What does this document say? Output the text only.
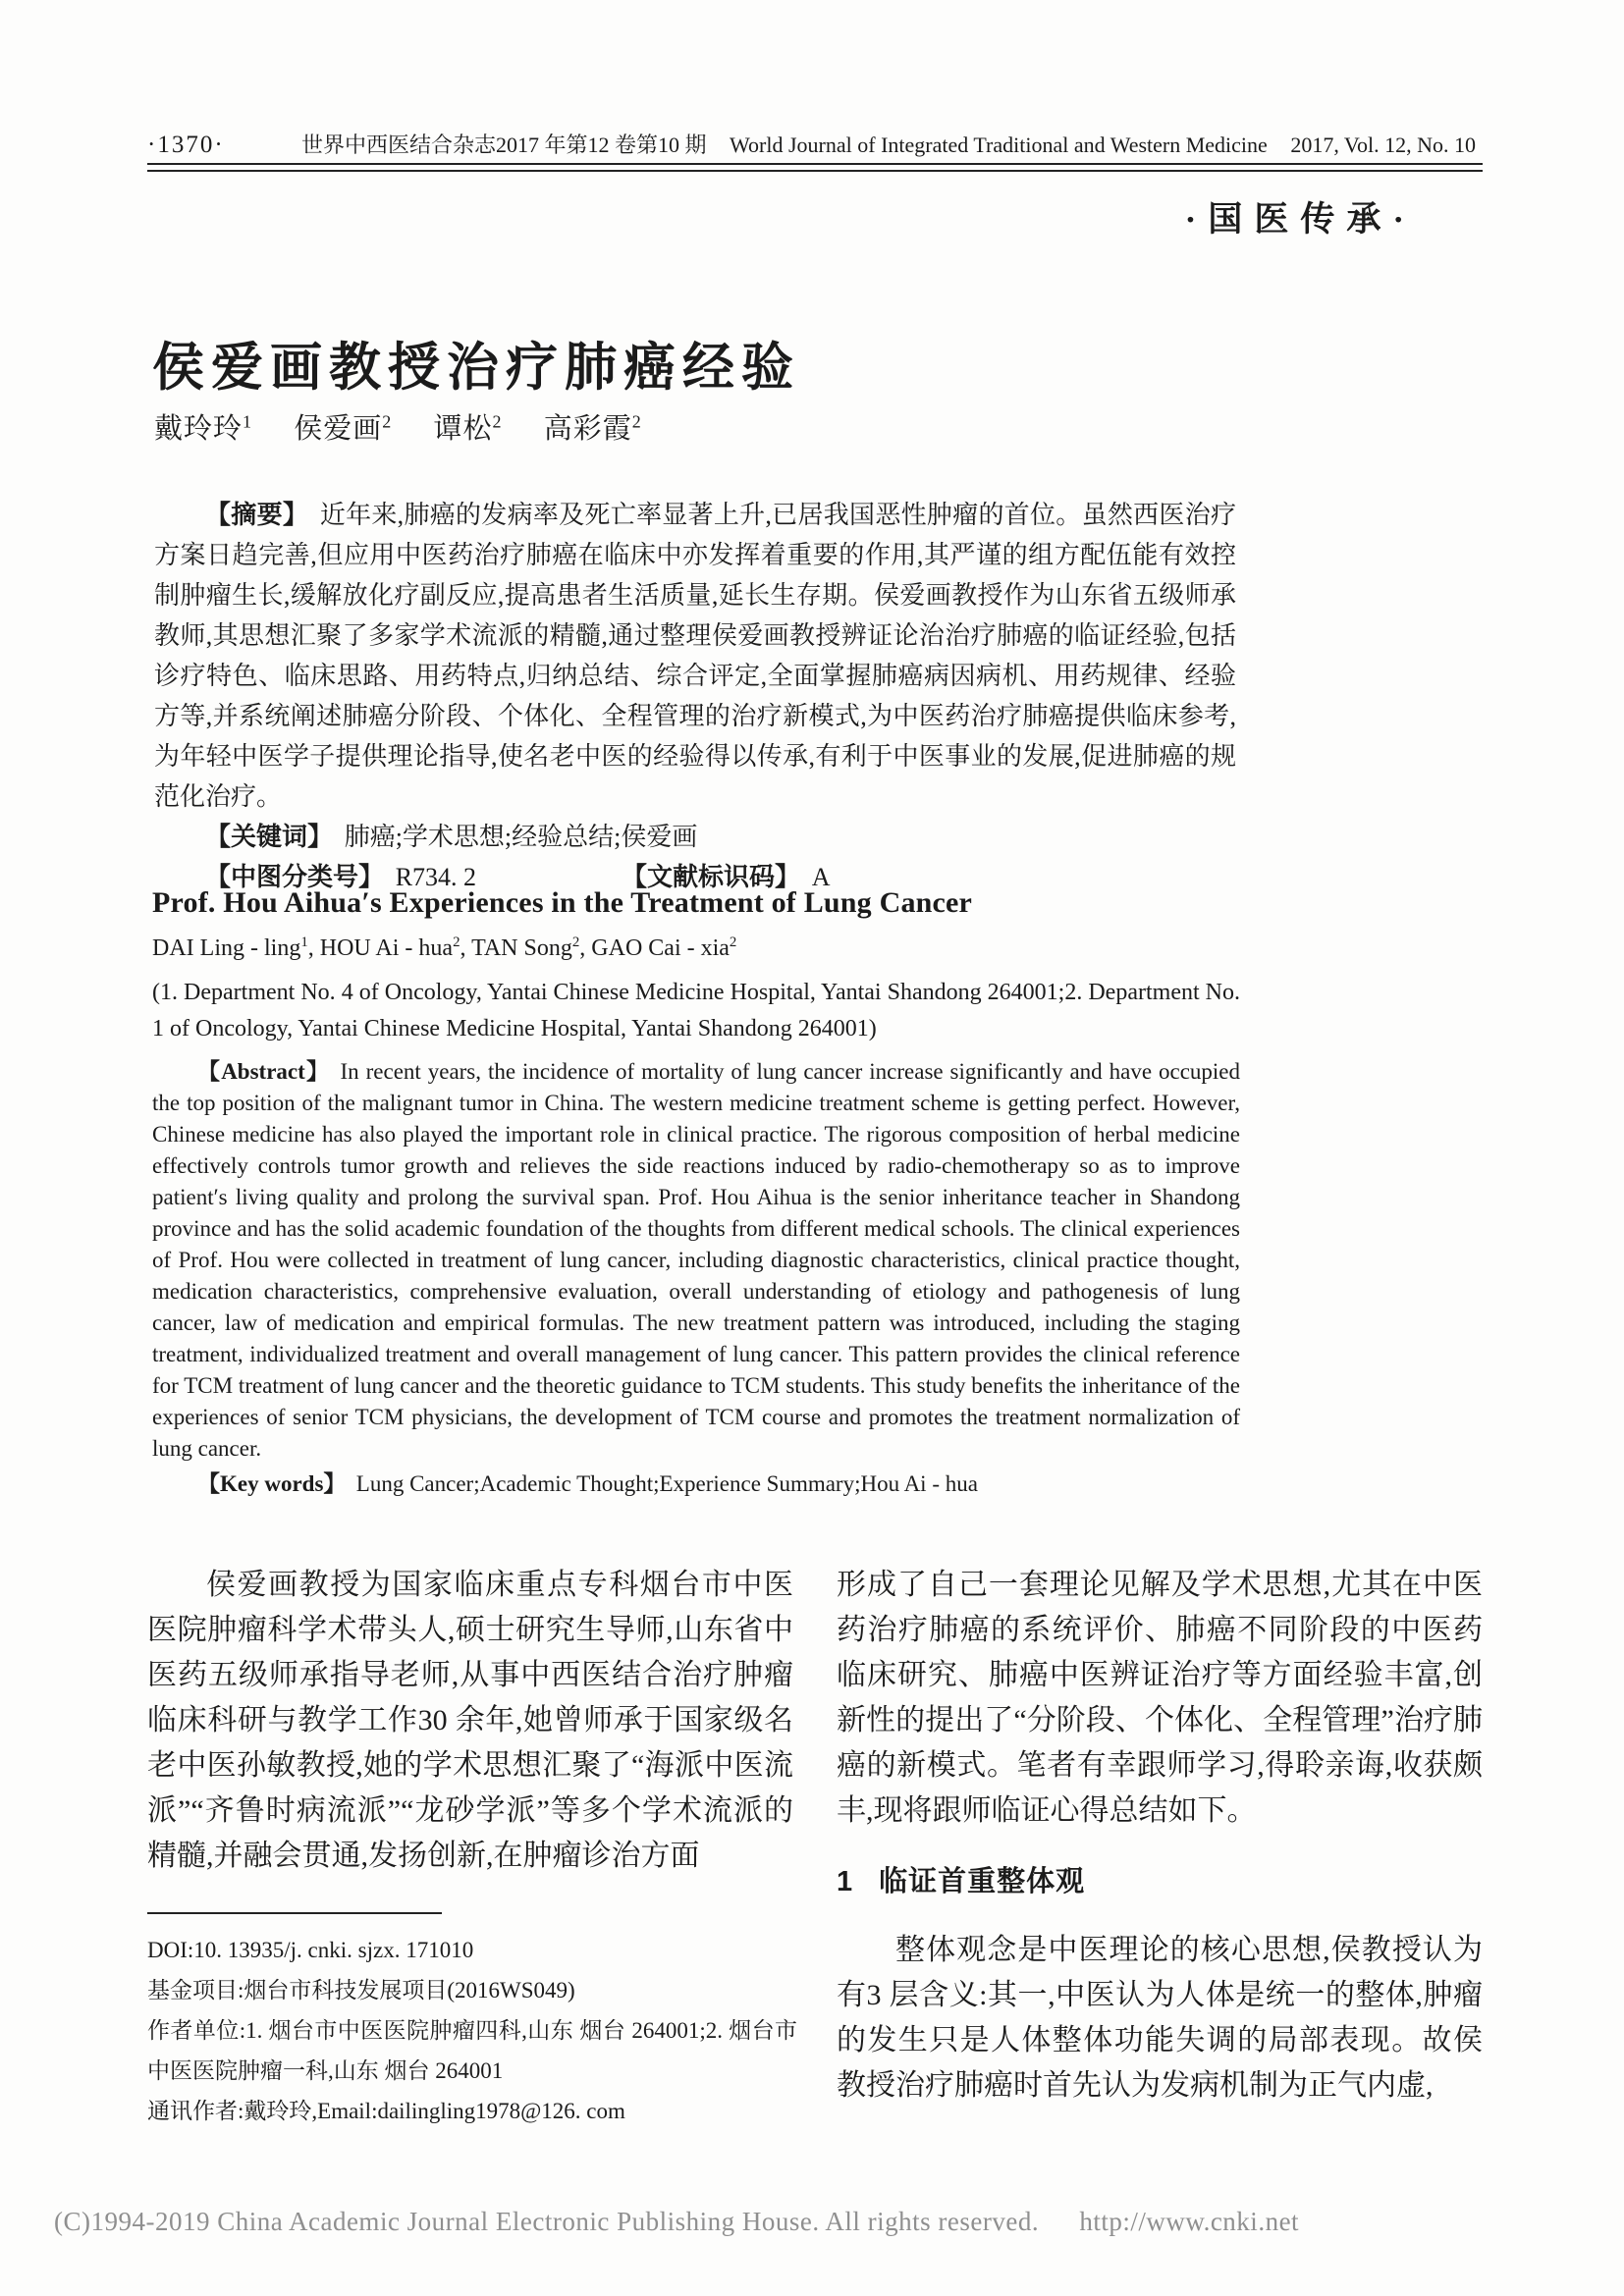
·1370·	世界中西医结合杂志2017 年第12 卷第10 期 World Journal of Integrated Traditional and Western Medicine 2017, Vol. 12, No. 10
·国医传承·
侯爱画教授治疗肺癌经验
戴玲玲$^1$ 侯爱画$^2$ 谭松$^2$ 高彩霞$^2$

【摘要】 近年来,肺癌的发病率及死亡率显著上升,已居我国恶性肿瘤的首位。虽然西医治疗方案日趋完善,但应用中医药治疗肺癌在临床中亦发挥着重要的作用,其严谨的组方配伍能有效控制肿瘤生长,缓解放化疗副反应,提高患者生活质量,延长生存期。侯爱画教授作为山东省五级师承教师,其思想汇聚了多家学术流派的精髓,通过整理侯爱画教授辨证论治治疗肺癌的临证经验,包括诊疗特色、临床思路、用药特点,归纳总结、综合评定,全面掌握肺癌病因病机、用药规律、经验方等,并系统阐述肺癌分阶段、个体化、全程管理的治疗新模式,为中医药治疗肺癌提供临床参考,为年轻中医学子提供理论指导,使名老中医的经验得以传承,有利于中医事业的发展,促进肺癌的规范化治疗。

【关键词】 肺癌;学术思想;经验总结;侯爱画

【中图分类号】 R734. 2	【文献标识码】 A

Prof. Hou Aihua′s Experiences in the Treatment of Lung Cancer

DAI Ling - ling$^1$, HOU Ai - hua$^2$, TAN Song$^2$, GAO Cai - xia$^2$

(1. Department No. 4 of Oncology, Yantai Chinese Medicine Hospital, Yantai Shandong 264001;2. Department No. 1 of Oncology, Yantai Chinese Medicine Hospital, Yantai Shandong 264001)

【Abstract】 In recent years, the incidence of mortality of lung cancer increase significantly and have occupied the top position of the malignant tumor in China. The western medicine treatment scheme is getting perfect. However, Chinese medicine has also played the important role in clinical practice. The rigorous composition of herbal medicine effectively controls tumor growth and relieves the side reactions induced by radio-chemotherapy so as to improve patient′s living quality and prolong the survival span. Prof. Hou Aihua is the senior inheritance teacher in Shandong province and has the solid academic foundation of the thoughts from different medical schools. The clinical experiences of Prof. Hou were collected in treatment of lung cancer, including diagnostic characteristics, clinical practice thought, medication characteristics, comprehensive evaluation, overall understanding of etiology and pathogenesis of lung cancer, law of medication and empirical formulas. The new treatment pattern was introduced, including the staging treatment, individualized treatment and overall management of lung cancer. This pattern provides the clinical reference for TCM treatment of lung cancer and the theoretic guidance to TCM students. This study benefits the inheritance of the experiences of senior TCM physicians, the development of TCM course and promotes the treatment normalization of lung cancer.

【Key words】 Lung Cancer;Academic Thought;Experience Summary;Hou Ai - hua

侯爱画教授为国家临床重点专科烟台市中医医院肿瘤科学术带头人,硕士研究生导师,山东省中医药五级师承指导老师,从事中西医结合治疗肿瘤临床科研与教学工作30 余年,她曾师承于国家级名老中医孙敏教授,她的学术思想汇聚了“海派中医流派”“齐鲁时病流派”“龙砂学派”等多个学术流派的精髓,并融会贯通,发扬创新,在肿瘤诊治方面

形成了自己一套理论见解及学术思想,尤其在中医药治疗肺癌的系统评价、肺癌不同阶段的中医药临床研究、肺癌中医辨证治疗等方面经验丰富,创新性的提出了“分阶段、个体化、全程管理”治疗肺癌的新模式。笔者有幸跟师学习,得聆亲诲,收获颇丰,现将跟师临证心得总结如下。

1 临证首重整体观

整体观念是中医理论的核心思想,侯教授认为有3 层含义:其一,中医认为人体是统一的整体,肿瘤的发生只是人体整体功能失调的局部表现。故侯教授治疗肺癌时首先认为发病机制为正气内虚,

DOI:10. 13935/j. cnki. sjzx. 171010

基金项目:烟台市科技发展项目(2016WS049)

作者单位:1. 烟台市中医医院肿瘤四科,山东 烟台 264001;2. 烟台市中医医院肿瘤一科,山东 烟台 264001

通讯作者:戴玲玲,Email:dailingling1978@126. com

(C)1994-2019 China Academic Journal Electronic Publishing House. All rights reserved. http://www.cnki.net
